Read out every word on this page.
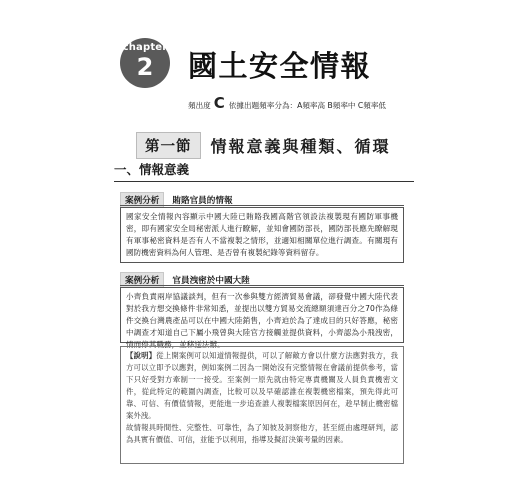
chapter
2	國土安全情報
頻出度 C 依據出題頻率分為：A頻率高 B頻率中 C頻率低
第一節	情報意義與種類、循環
一、情報意義
案例分析	賄賂官員的情報

國家安全情報內容顯示中國大陸已賄賂我國高階官領設法複製現有國防軍事機密，即有國家安全局秘密派人進行瞭解，並知會國防部長，國防部長應先瞭解現有軍事秘密資料是否有人不當複製之情形，並適知相關單位進行調查。有關現有國防機密資料為何人管理、是否曾有複製紀錄等資料留存。

案例分析	官員洩密於中國大陸

小齊負責兩岸協議談判，但有一次參與雙方經濟貿易會議，卻發覺中國大陸代表對於我方想交換條件非常知悉，並提出以雙方貿易交流總額須達百分之70作為條件交換台灣農產品可以在中國大陸銷售，小齊迫於為了達成目的只好答應，秘密中調查才知道自己下屬小飛曾與大陸官方接觸並提供資料，小齊認為小飛洩密，情而停其職務，並移送法辦。

【說明】從上開案例可以知道情報提供，可以了解敵方會以什麼方法應對我方，我方可以立即予以應對，例如案例二因為一開始沒有完整情報在會議前提供參考，當下只好受對方牽制一一接受。至案例一原先就由特定專責機關及人員負責機密文件，從此特定的範圍內調查，比較可以及早確認誰在複製機密檔案，預先得此可靠、可信、有價值情報，更能進一步追查誰人複製檔案原因何在，趁早制止機密檔案外洩。

故情報具時間性、完整性、可靠性，為了知彼及洞察他方，甚至經由處理研判，認為具實有價值、可信，並能予以利用，指導及擬訂決策考量的因素。
